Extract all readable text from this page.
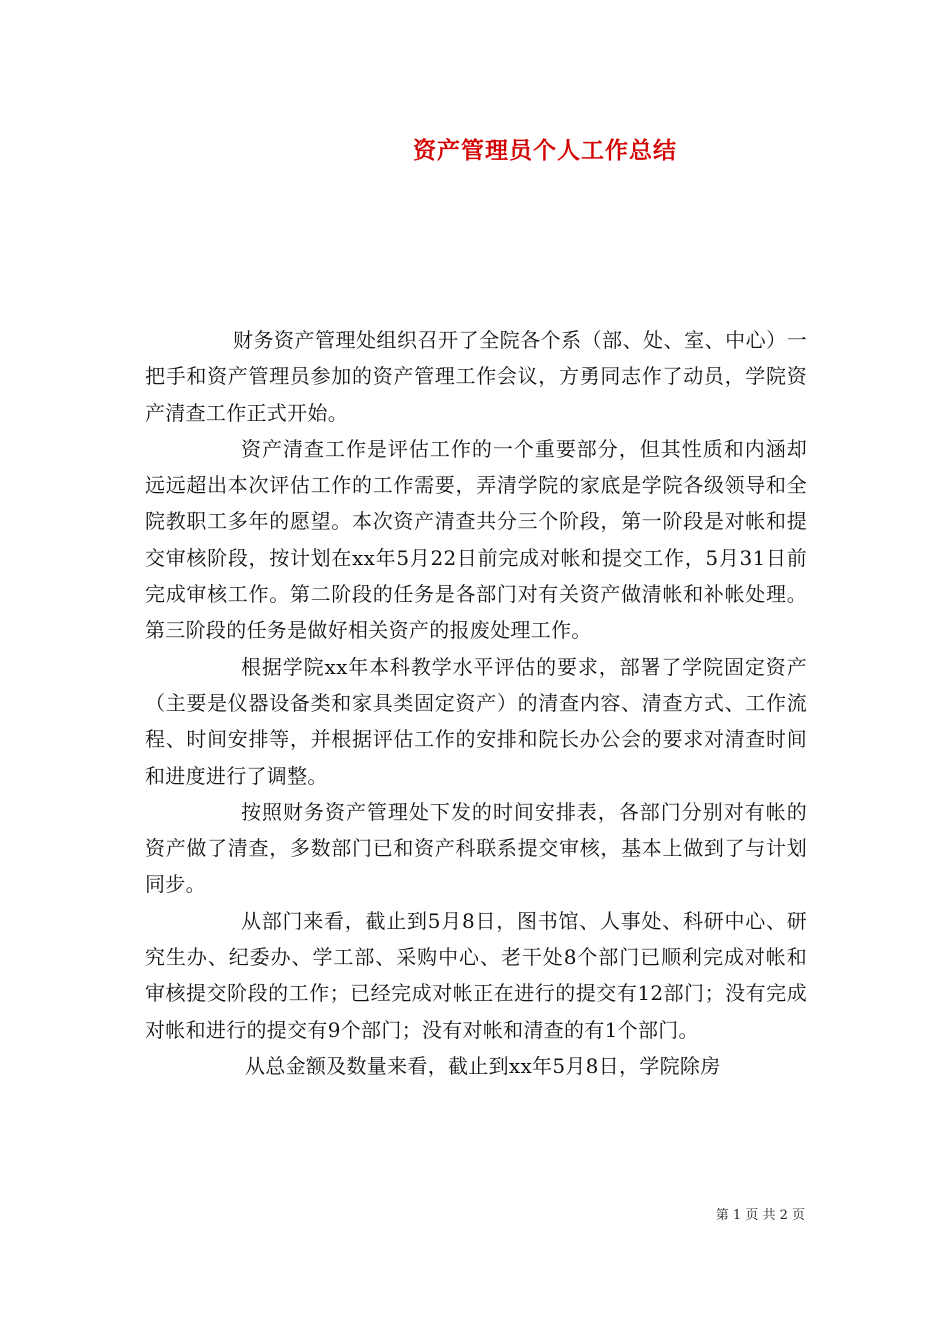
资产管理员个人工作总结

财务资产管理处组织召开了全院各个系（部、处、室、中心）一把手和资产管理员参加的资产管理工作会议，方勇同志作了动员，学院资产清查工作正式开始。

资产清查工作是评估工作的一个重要部分，但其性质和内涵却远远超出本次评估工作的工作需要，弄清学院的家底是学院各级领导和全院教职工多年的愿望。本次资产清查共分三个阶段，第一阶段是对帐和提交审核阶段，按计划在xx年5月22日前完成对帐和提交工作，5月31日前完成审核工作。第二阶段的任务是各部门对有关资产做清帐和补帐处理。第三阶段的任务是做好相关资产的报废处理工作。

根据学院xx年本科教学水平评估的要求，部署了学院固定资产（主要是仪器设备类和家具类固定资产）的清查内容、清查方式、工作流程、时间安排等，并根据评估工作的安排和院长办公会的要求对清查时间和进度进行了调整。

按照财务资产管理处下发的时间安排表，各部门分别对有帐的资产做了清查，多数部门已和资产科联系提交审核，基本上做到了与计划同步。

从部门来看，截止到5月8日，图书馆、人事处、科研中心、研究生办、纪委办、学工部、采购中心、老干处8个部门已顺利完成对帐和审核提交阶段的工作；已经完成对帐正在进行的提交有12部门；没有完成对帐和进行的提交有9个部门；没有对帐和清查的有1个部门。

从总金额及数量来看，截止到xx年5月8日，学院除房

第 1 页 共 2 页
